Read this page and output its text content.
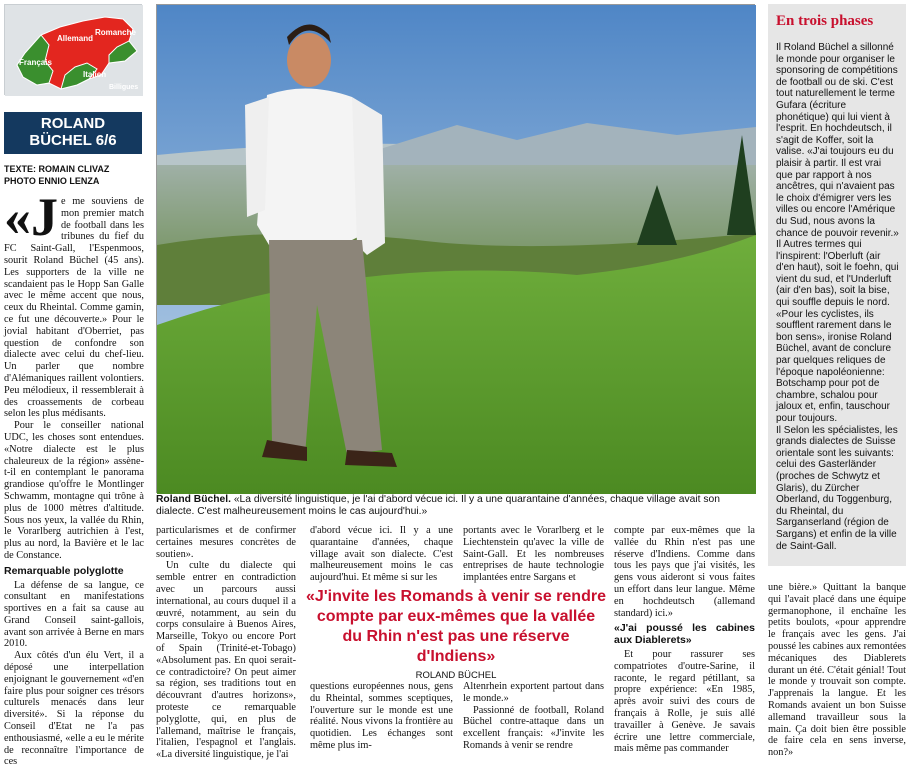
Allemand
Romanche
Français
Italien
Billigues
ROLAND
BÜCHEL 6/6
TEXTE: ROMAIN CLIVAZ
PHOTO ENNIO LENZA
«J e me souviens de mon premier match de football dans les tribunes du fief du FC Saint-Gall, l'Espenmoos, sourit Roland Büchel (45 ans). Les supporters de la ville ne scandaient pas le Hopp San Galle avec le même accent que nous, ceux du Rheintal. Comme gamin, ce fut une découverte.» Pour le jovial habitant d'Oberriet, pas question de confondre son dialecte avec celui du chef-lieu. Un parler que nombre d'Alémaniques raillent volontiers. Peu mélodieux, il ressemblerait à des croassements de corbeau selon les plus médisants.

Pour le conseiller national UDC, les choses sont entendues. «Notre dialecte est le plus chaleureux de la région» assène-t-il en contemplant le panorama grandiose qu'offre le Montlinger Schwamm, montagne qui trône à plus de 1000 mètres d'altitude. Sous nos yeux, la vallée du Rhin, le Vorarlberg autrichien à l'est, plus au nord, la Bavière et le lac de Constance.

Remarquable polyglotte

La défense de sa langue, ce consultant en manifestations sportives en a fait sa cause au Grand Conseil saint-gallois, avant son arrivée à Berne en mars 2010.

Aux côtés d'un élu Vert, il a déposé une interpellation enjoignant le gouvernement «d'en faire plus pour soigner ces trésors culturels menacés dans leur diversité». Si la réponse du Conseil d'Etat ne l'a pas enthousiasmé, «elle a eu le mérite de reconnaître l'importance de ces

Roland Büchel. «La diversité linguistique, je l'ai d'abord vécue ici. Il y a une quarantaine d'années, chaque village avait son dialecte. C'est malheureusement moins le cas aujourd'hui.»
En trois phases

Il Roland Büchel a sillonné le monde pour organiser le sponsoring de compétitions de football ou de ski. C'est tout naturellement le terme Gufara (écriture phonétique) qui lui vient à l'esprit. En hochdeutsch, il s'agit de Koffer, soit la valise. «J'ai toujours eu du plaisir à partir. Il est vrai que par rapport à nos ancêtres, qui n'avaient pas le choix d'émigrer vers les villes ou encore l'Amérique du Sud, nous avons la chance de pouvoir revenir.»

Il Autres termes qui l'inspirent: l'Oberluft (air d'en haut), soit le foehn, qui vient du sud, et l'Underluft (air d'en bas), soit la bise, qui souffle depuis le nord. «Pour les cyclistes, ils soufflent rarement dans le bon sens», ironise Roland Büchel, avant de conclure par quelques reliques de l'époque napoléonienne: Botschamp pour pot de chambre, schalou pour jaloux et, enfin, tauschour pour toujours.

Il Selon les spécialistes, les grands dialectes de Suisse orientale sont les suivants: celui des Gasterländer (proches de Schwytz et Glaris), du Zürcher Oberland, du Toggenburg, du Rheintal, du Sarganserland (région de Sargans) et enfin de la ville de Saint-Gall.

particularismes et de confirmer certaines mesures concrètes de soutien».

Un culte du dialecte qui semble entrer en contradiction avec un parcours aussi international, au cours duquel il a œuvré, notamment, au sein du corps consulaire à Buenos Aires, Marseille, Tokyo ou encore Port of Spain (Trinité-et-Tobago) «Absolument pas. En quoi serait-ce contradictoire? On peut aimer sa région, ses traditions tout en découvrant d'autres horizons», proteste ce remarquable polyglotte, qui, en plus de l'allemand, maîtrise le français, l'italien, l'espagnol et l'anglais. «La diversité linguistique, je l'ai

d'abord vécue ici. Il y a une quarantaine d'années, chaque village avait son dialecte. C'est malheureusement moins le cas aujourd'hui. Et même si sur les

portants avec le Vorarlberg et le Liechtenstein qu'avec la ville de Saint-Gall. Et les nombreuses entreprises de haute technologie implantées entre Sargans et

«J'invite les Romands à venir se rendre compte par eux-mêmes que la vallée du Rhin n'est pas une réserve d'Indiens»
ROLAND BÜCHEL

questions européennes nous, gens du Rheintal, sommes sceptiques, l'ouverture sur le monde est une réalité. Nous vivons la frontière au quotidien. Les échanges sont même plus im-

Altenrhein exportent partout dans le monde.»

Passionné de football, Roland Büchel contre-attaque dans un excellent français: «J'invite les Romands à venir se rendre

compte par eux-mêmes que la vallée du Rhin n'est pas une réserve d'Indiens. Comme dans tous les pays que j'ai visités, les gens vous aideront si vous faites un effort dans leur langue. Même en hochdeutsch (allemand standard) ici.»

«J'ai poussé les cabines aux Diablerets»

Et pour rassurer ses compatriotes d'outre-Sarine, il raconte, le regard pétillant, sa propre expérience: «En 1985, après avoir suivi des cours de français à Rolle, je suis allé travailler à Genève. Je savais écrire une lettre commerciale, mais même pas commander

une bière.» Quittant la banque qui l'avait placé dans une équipe germanophone, il enchaîne les petits boulots, «pour apprendre le français avec les gens. J'ai poussé les cabines aux remontées mécaniques des Diablerets durant un été. C'était génial! Tout le monde y trouvait son compte. J'apprenais la langue. Et les Romands avaient un bon Suisse allemand travailleur sous la main. Ça doit bien être possible de faire cela en sens inverse, non?»
